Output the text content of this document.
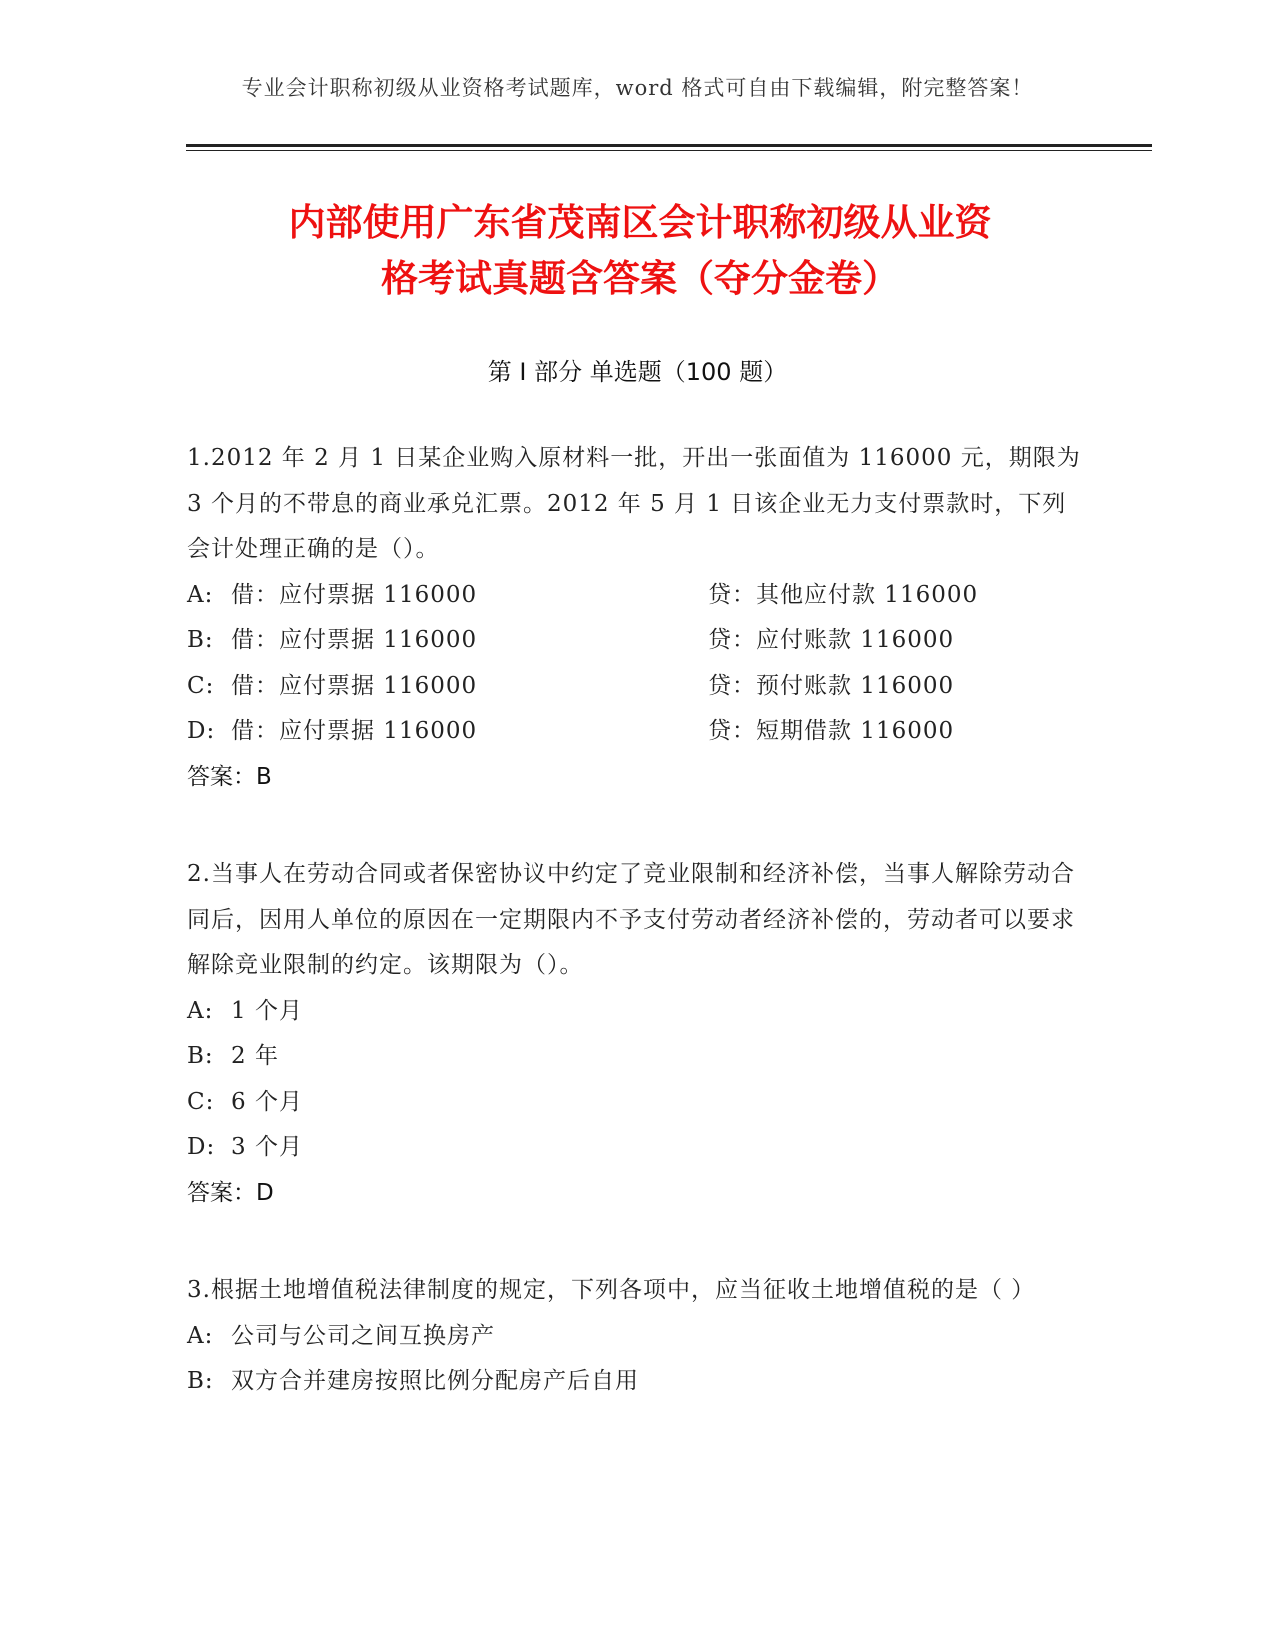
专业会计职称初级从业资格考试题库，word 格式可自由下载编辑，附完整答案！
内部使用广东省茂南区会计职称初级从业资
格考试真题含答案（夺分金卷）
第 I 部分 单选题（100 题）

1.2012 年 2 月 1 日某企业购入原材料一批，开出一张面值为 116000 元，期限为 3 个月的不带息的商业承兑汇票。2012 年 5 月 1 日该企业无力支付票款时，下列会计处理正确的是（）。

A: 借：应付票据 116000	贷：其他应付款 116000
B: 借：应付票据 116000	贷：应付账款 116000
C: 借：应付票据 116000	贷：预付账款 116000
D: 借：应付票据 116000	贷：短期借款 116000
答案：B

2.当事人在劳动合同或者保密协议中约定了竞业限制和经济补偿，当事人解除劳动合同后，因用人单位的原因在一定期限内不予支付劳动者经济补偿的，劳动者可以要求解除竞业限制的约定。该期限为（）。

A: 1 个月
B: 2 年
C: 6 个月
D: 3 个月
答案：D

3.根据土地增值税法律制度的规定，下列各项中，应当征收土地增值税的是（ ）

A: 公司与公司之间互换房产
B: 双方合并建房按照比例分配房产后自用
